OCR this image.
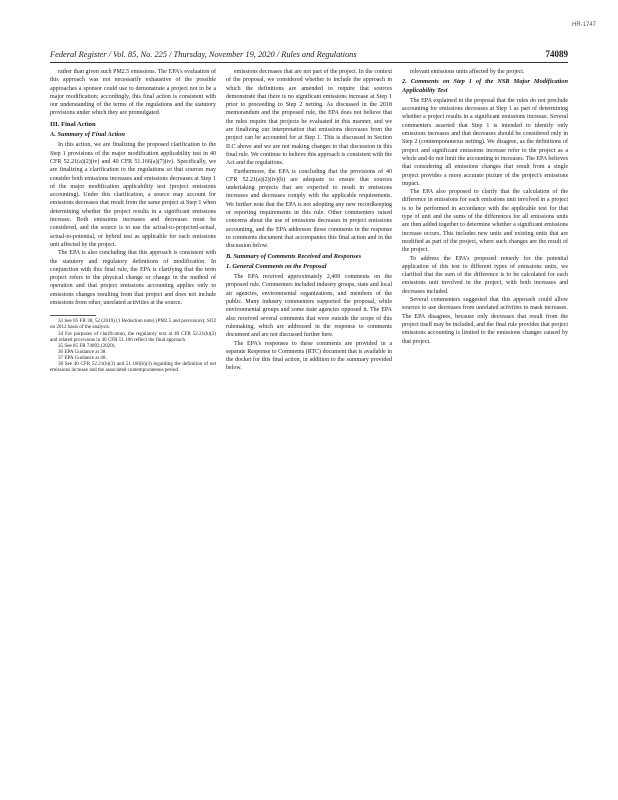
HR-1747
Federal Register / Vol. 85, No. 225 / Thursday, November 19, 2020 / Rules and Regulations	74089

rather than given such PM2.5 emissions. The EPA's evaluation of this approach was not necessarily exhaustive of the possible approaches a sponsor could use to demonstrate a project not to be a major modification; accordingly, this final action is consistent with our understanding of the terms of the regulations and the statutory provisions under which they are promulgated.

III. Final Action
A. Summary of Final Action

In this action, we are finalizing the proposed clarification to the Step 1 provisions of the major modification applicability test in 40 CFR 52.21(a)(2)(iv) and 40 CFR 51.166(a)(7)(iv). Specifically, we are finalizing a clarification to the regulations so that sources may consider both emissions increases and emissions decreases at Step 1 of the major modification applicability test (project emissions accounting). Under this clarification, a source may account for emissions decreases that result from the same project at Step 1 when determining whether the project results in a significant emissions increase. Both emissions increases and decreases must be considered, and the source is to use the actual-to-projected-actual, actual-to-potential, or hybrid test as applicable for each emissions unit affected by the project.

The EPA is also concluding that this approach is consistent with the statutory and regulatory definitions of modification. In conjunction with this final rule, the EPA is clarifying that the term project refers to the physical change or change in the method of operation and that project emissions accounting applies only to emissions changes resulting from that project and does not include emissions from other, unrelated activities at the source.

33 See 85 FR 38, 52 (2019) (1 Reduction note) (PM2.5 and precursors); SO2 on 2012 basis of the analysis.

34 For purposes of clarification, the regulatory text at 40 CFR 52.21(b)(2) and related provisions in 40 CFR 51.166 reflect the final approach.

35 See 85 FR 74893 (2020).

36 EPA Guidance at 38.

37 EPA Guidance at 40.

38 See 40 CFR 52.21(b)(3) and 51.166(b)(3) regarding the definition of net emissions increase and the associated contemporaneous period.

emissions decreases that are not part of the project. In the context of the proposal, we considered whether to include the approach in which the definitions are amended to require that sources demonstrate that there is no significant emissions increase at Step 1 prior to proceeding to Step 2 netting. As discussed in the 2018 memorandum and the proposed rule, the EPA does not believe that the rules require that projects be evaluated in this manner, and we are finalizing our interpretation that emissions decreases from the project can be accounted for at Step 1. This is discussed in Section II.C above and we are not making changes to that discussion in this final rule. We continue to believe this approach is consistent with the Act and the regulations.

Furthermore, the EPA is concluding that the provisions of 40 CFR 52.21(a)(2)(iv)(b) are adequate to ensure that sources undertaking projects that are expected to result in emissions increases and decreases comply with the applicable requirements. We further note that the EPA is not adopting any new recordkeeping or reporting requirements in this rule. Other commenters raised concerns about the use of emissions decreases in project emissions accounting, and the EPA addresses those comments in the response to comments document that accompanies this final action and in the discussion below.

B. Summary of Comments Received and Responses
1. General Comments on the Proposal

The EPA received approximately 2,400 comments on the proposed rule. Commenters included industry groups, state and local air agencies, environmental organizations, and members of the public. Many industry commenters supported the proposal, while environmental groups and some state agencies opposed it. The EPA also received several comments that were outside the scope of this rulemaking, which are addressed in the response to comments document and are not discussed further here.

The EPA's responses to these comments are provided in a separate Response to Comments (RTC) document that is available in the docket for this final action, in addition to the summary provided below.

relevant emissions units affected by the project.

2. Comments on Step 1 of the NSR Major Modification Applicability Test

The EPA explained in the proposal that the rules do not preclude accounting for emissions decreases at Step 1 as part of determining whether a project results in a significant emissions increase. Several commenters asserted that Step 1 is intended to identify only emissions increases and that decreases should be considered only in Step 2 (contemporaneous netting). We disagree, as the definitions of project and significant emissions increase refer to the project as a whole and do not limit the accounting to increases. The EPA believes that considering all emissions changes that result from a single project provides a more accurate picture of the project's emissions impact.

The EPA also proposed to clarify that the calculation of the difference in emissions for each emissions unit involved in a project is to be performed in accordance with the applicable test for that type of unit and the sums of the differences for all emissions units are then added together to determine whether a significant emissions increase occurs. This includes new units and existing units that are modified as part of the project, where such changes are the result of the project.

To address the EPA's proposed remedy for the potential application of this test to different types of emissions units, we clarified that the sum of the difference is to be calculated for each emissions unit involved in the project, with both increases and decreases included.

Several commenters suggested that this approach could allow sources to use decreases from unrelated activities to mask increases. The EPA disagrees, because only decreases that result from the project itself may be included, and the final rule provides that project emissions accounting is limited to the emissions changes caused by that project.
